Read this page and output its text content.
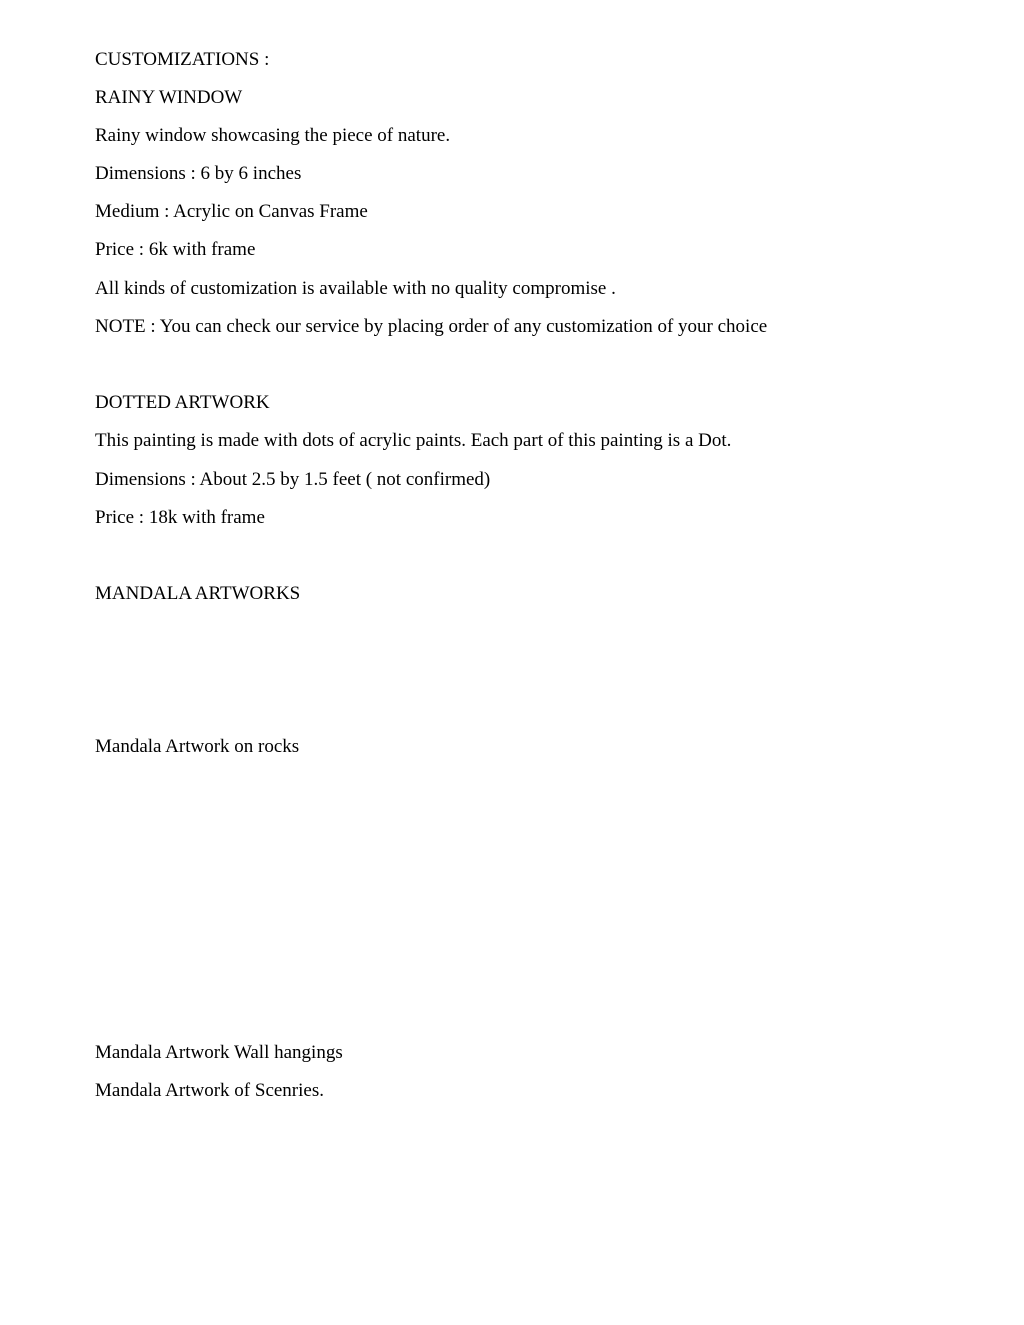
CUSTOMIZATIONS :
RAINY WINDOW
Rainy window showcasing the piece of nature.
Dimensions : 6 by 6 inches
Medium : Acrylic on Canvas Frame
Price : 6k with frame
All kinds of customization is available with no quality compromise .
NOTE : You can check our service by placing order of any customization of your choice
DOTTED ARTWORK
This painting is made with dots of acrylic paints. Each part of this painting is a Dot.
Dimensions : About 2.5 by 1.5 feet ( not confirmed)
Price : 18k with frame
MANDALA ARTWORKS
Mandala Artwork on rocks
Mandala Artwork Wall hangings
Mandala Artwork of Scenries.
